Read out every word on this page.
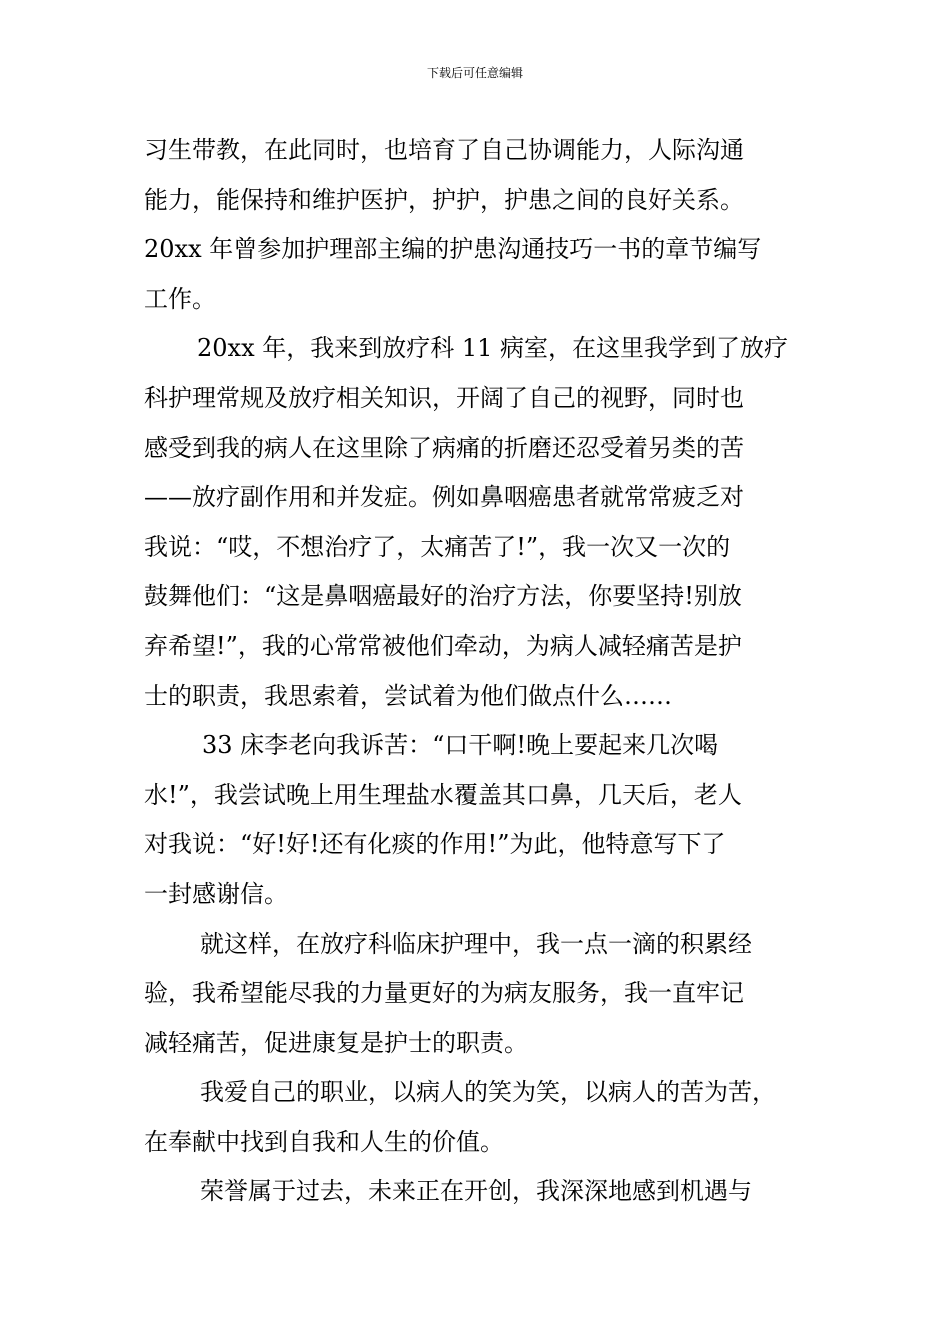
下载后可任意编辑
习生带教，在此同时，也培育了自己协调能力，人际沟通
能力，能保持和维护医护，护护，护患之间的良好关系。
20xx 年曾参加护理部主编的护患沟通技巧一书的章节编写
工作。
20xx 年，我来到放疗科 11 病室，在这里我学到了放疗
科护理常规及放疗相关知识，开阔了自己的视野，同时也
感受到我的病人在这里除了病痛的折磨还忍受着另类的苦
——放疗副作用和并发症。例如鼻咽癌患者就常常疲乏对
我说：“哎，不想治疗了，太痛苦了!”，我一次又一次的
鼓舞他们：“这是鼻咽癌最好的治疗方法，你要坚持!别放
弃希望!”，我的心常常被他们牵动，为病人减轻痛苦是护
士的职责，我思索着，尝试着为他们做点什么……
33 床李老向我诉苦：“口干啊!晚上要起来几次喝
水!”，我尝试晚上用生理盐水覆盖其口鼻，几天后，老人
对我说：“好!好!还有化痰的作用!”为此，他特意写下了
一封感谢信。
就这样，在放疗科临床护理中，我一点一滴的积累经
验，我希望能尽我的力量更好的为病友服务，我一直牢记
减轻痛苦，促进康复是护士的职责。
我爱自己的职业，以病人的笑为笑，以病人的苦为苦，
在奉献中找到自我和人生的价值。
荣誉属于过去，未来正在开创，我深深地感到机遇与
